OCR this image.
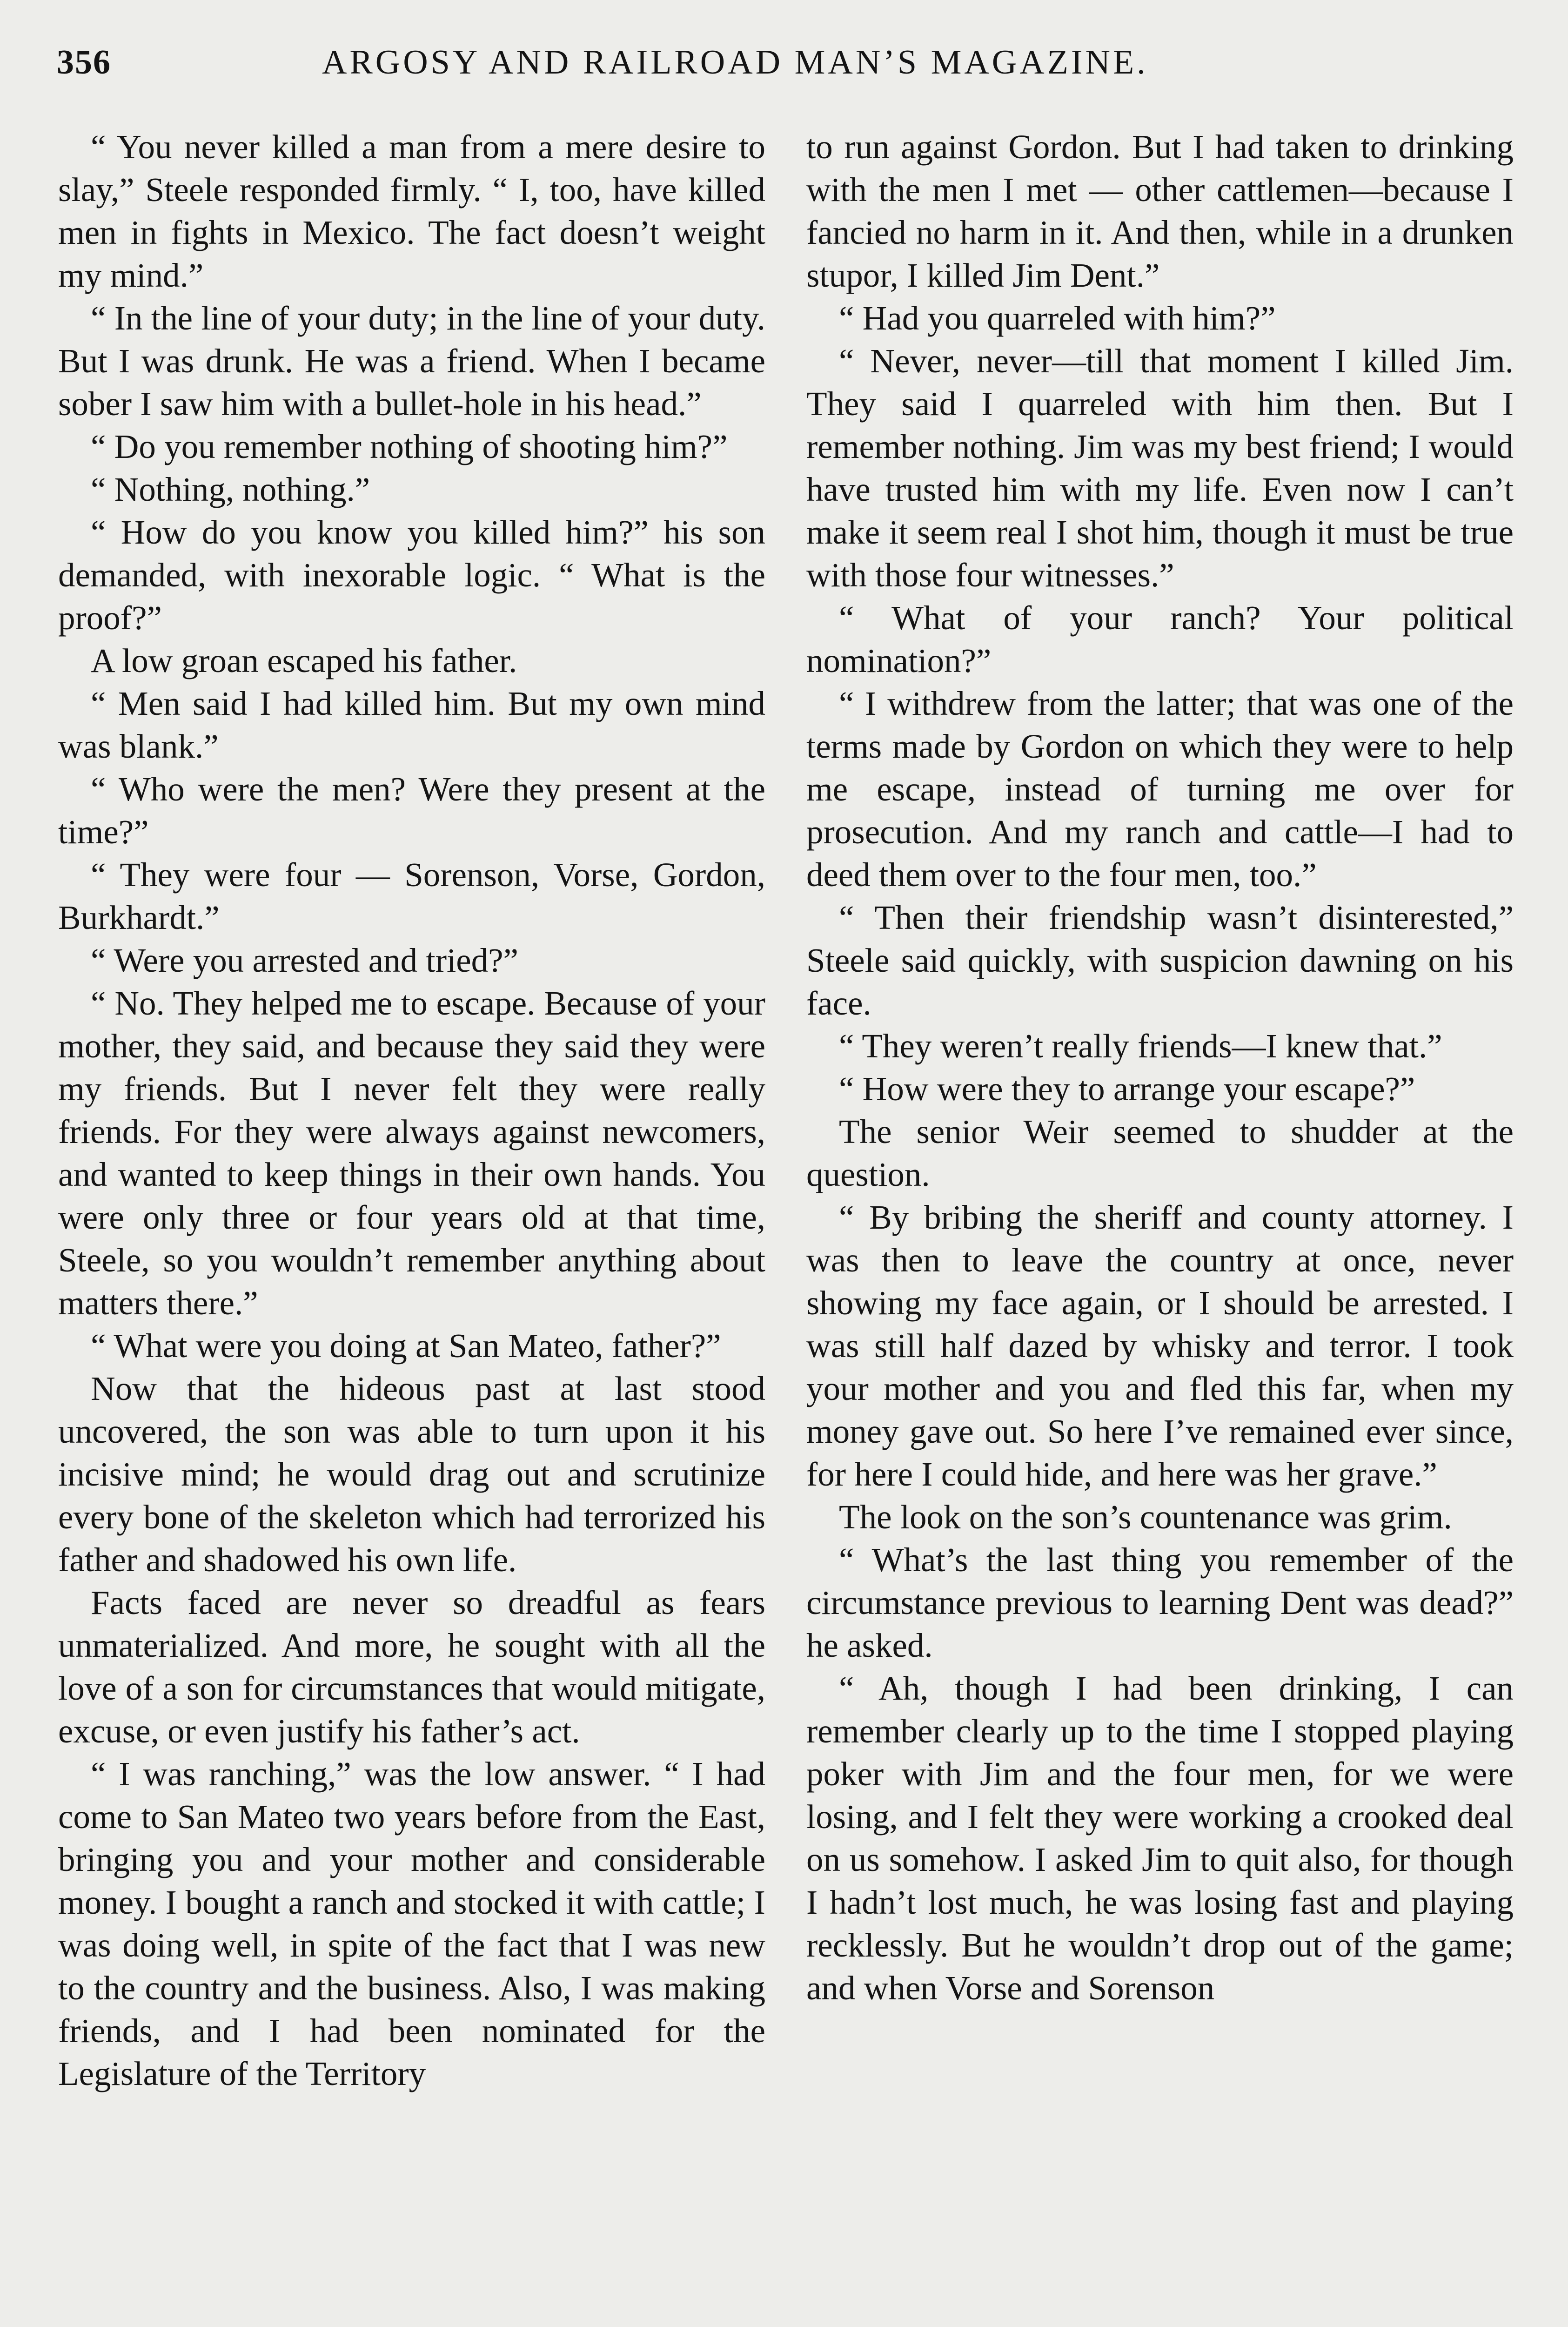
356	ARGOSY AND RAILROAD MAN’S MAGAZINE.

“ You never killed a man from a mere desire to slay,” Steele responded firmly. “ I, too, have killed men in fights in Mexico. The fact doesn’t weight my mind.”

“ In the line of your duty; in the line of your duty. But I was drunk. He was a friend. When I became sober I saw him with a bullet-hole in his head.”

“ Do you remember nothing of shooting him?”

“ Nothing, nothing.”

“ How do you know you killed him?” his son demanded, with inexorable logic. “ What is the proof?”

A low groan escaped his father.

“ Men said I had killed him. But my own mind was blank.”

“ Who were the men? Were they present at the time?”

“ They were four — Sorenson, Vorse, Gordon, Burkhardt.”

“ Were you arrested and tried?”

“ No. They helped me to escape. Because of your mother, they said, and because they said they were my friends. But I never felt they were really friends. For they were always against newcomers, and wanted to keep things in their own hands. You were only three or four years old at that time, Steele, so you wouldn’t remember anything about matters there.”

“ What were you doing at San Mateo, father?”

Now that the hideous past at last stood uncovered, the son was able to turn upon it his incisive mind; he would drag out and scrutinize every bone of the skeleton which had terrorized his father and shadowed his own life.

Facts faced are never so dreadful as fears unmaterialized. And more, he sought with all the love of a son for circumstances that would mitigate, excuse, or even justify his father’s act.

“ I was ranching,” was the low answer. “ I had come to San Mateo two years before from the East, bringing you and your mother and considerable money. I bought a ranch and stocked it with cattle; I was doing well, in spite of the fact that I was new to the country and the business. Also, I was making friends, and I had been nominated for the Legislature of the Territory

to run against Gordon. But I had taken to drinking with the men I met — other cattlemen—because I fancied no harm in it. And then, while in a drunken stupor, I killed Jim Dent.”

“ Had you quarreled with him?”

“ Never, never—till that moment I killed Jim. They said I quarreled with him then. But I remember nothing. Jim was my best friend; I would have trusted him with my life. Even now I can’t make it seem real I shot him, though it must be true with those four witnesses.”

“ What of your ranch? Your political nomination?”

“ I withdrew from the latter; that was one of the terms made by Gordon on which they were to help me escape, instead of turning me over for prosecution. And my ranch and cattle—I had to deed them over to the four men, too.”

“ Then their friendship wasn’t disinterested,” Steele said quickly, with suspicion dawning on his face.

“ They weren’t really friends—I knew that.”

“ How were they to arrange your escape?”

The senior Weir seemed to shudder at the question.

“ By bribing the sheriff and county attorney. I was then to leave the country at once, never showing my face again, or I should be arrested. I was still half dazed by whisky and terror. I took your mother and you and fled this far, when my money gave out. So here I’ve remained ever since, for here I could hide, and here was her grave.”

The look on the son’s countenance was grim.

“ What’s the last thing you remember of the circumstance previous to learning Dent was dead?” he asked.

“ Ah, though I had been drinking, I can remember clearly up to the time I stopped playing poker with Jim and the four men, for we were losing, and I felt they were working a crooked deal on us somehow. I asked Jim to quit also, for though I hadn’t lost much, he was losing fast and playing recklessly. But he wouldn’t drop out of the game; and when Vorse and Sorenson
